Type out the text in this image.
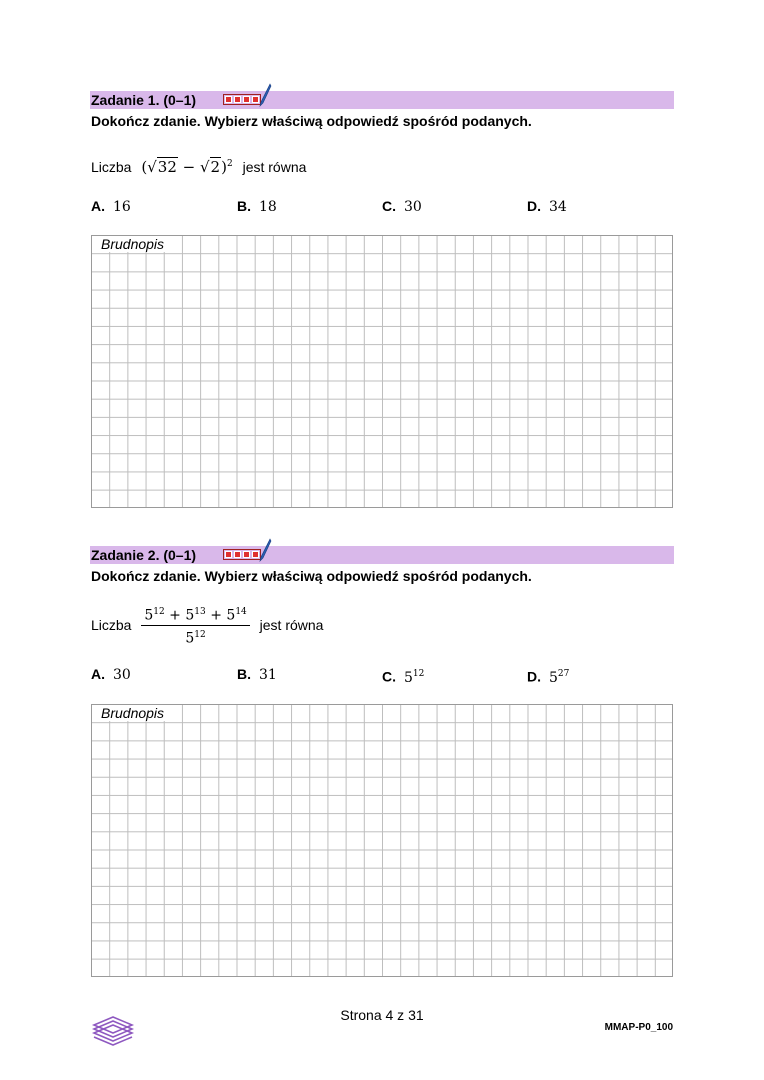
Zadanie 1. (0–1)
Dokończ zdanie. Wybierz właściwą odpowiedź spośród podanych.
Liczba $(√32 - √2)^2$ jest równa
A. 16	B. 18	C. 30	D. 34
Brudnopis
Zadanie 2. (0–1)
Dokończ zdanie. Wybierz właściwą odpowiedź spośród podanych.
Liczba $\frac{5^{12} + 5^{13} + 5^{14}}{5^{12}}$ jest równa
A. 30	B. 31	C. $5^{12}$	D. $5^{27}$
Brudnopis
Strona 4 z 31
MMAP-P0_100
